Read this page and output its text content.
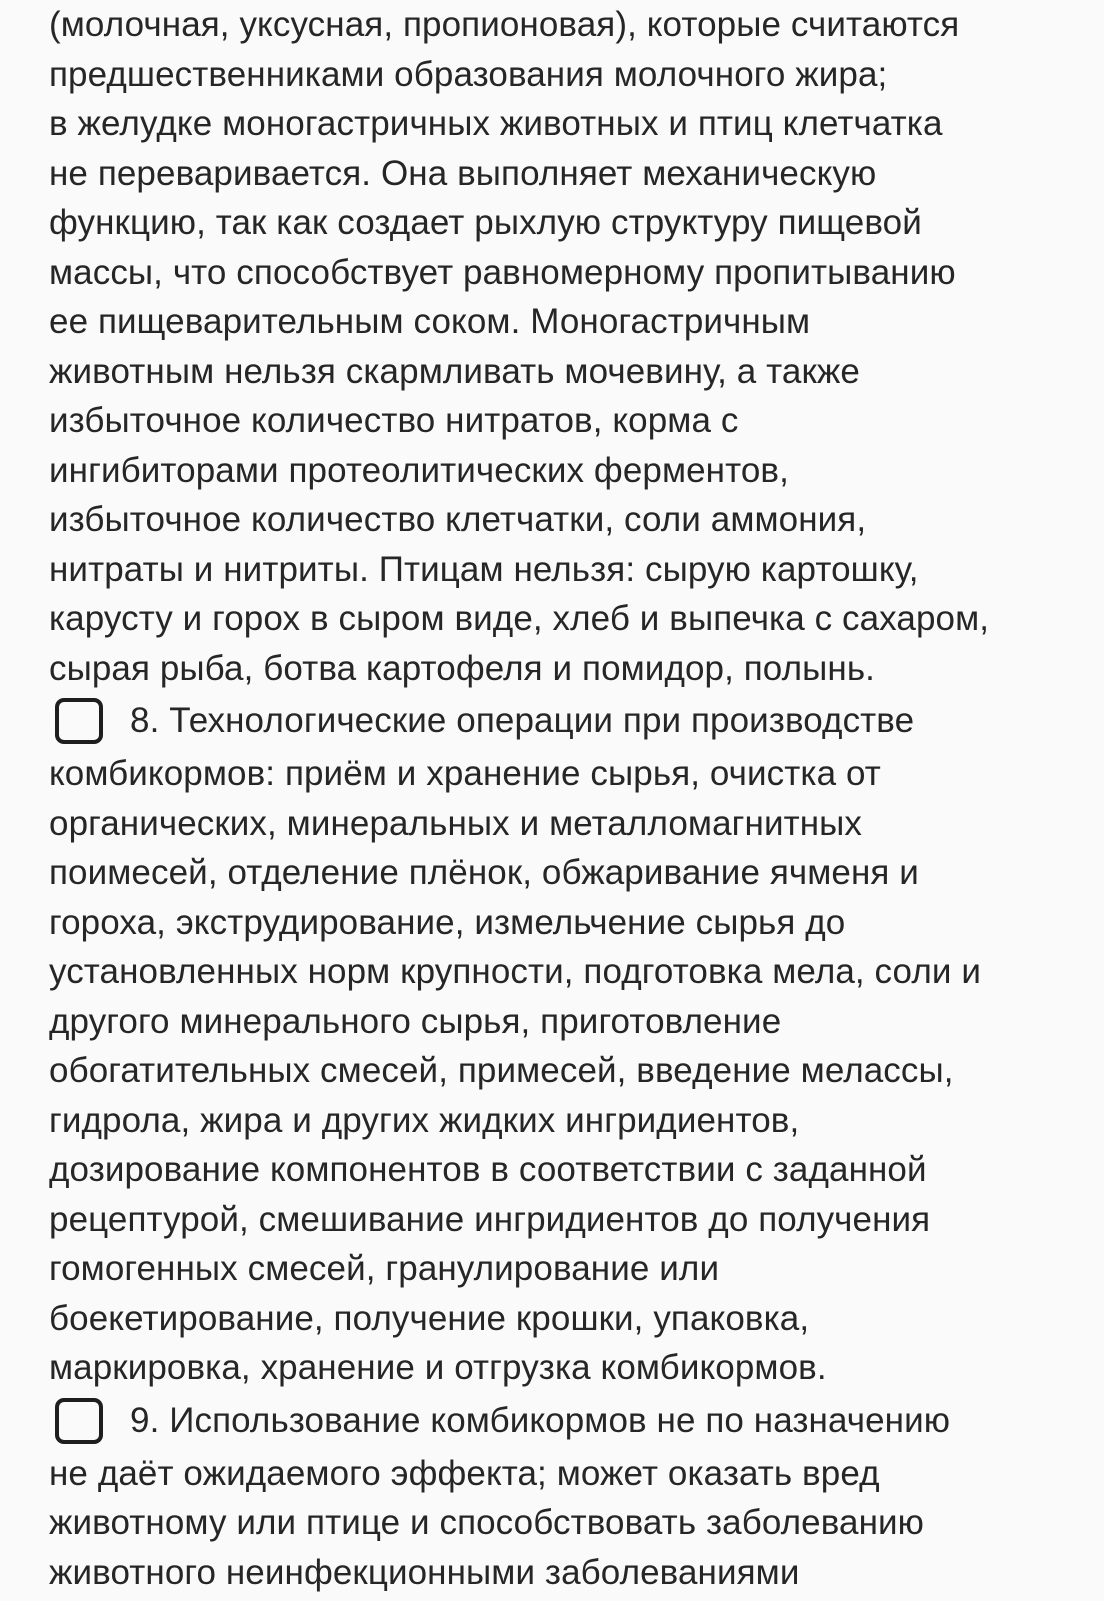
(молочная, уксусная, пропионовая), которые считаются
предшественниками образования молочного жира;
в желудке моногастричных животных и птиц клетчатка
не переваривается. Она выполняет механическую
функцию, так как создает рыхлую структуру пищевой
массы, что способствует равномерному пропитыванию
ее пищеварительным соком. Моногастричным
животным нельзя скармливать мочевину, а также
избыточное количество нитратов, корма с
ингибиторами протеолитических ферментов,
избыточное количество клетчатки, соли аммония,
нитраты и нитриты. Птицам нельзя: сырую картошку,
карусту и горох в сыром виде, хлеб и выпечка с сахаром,
сырая рыба, ботва картофеля и помидор, полынь.
8. Технологические операции при производстве
комбикормов: приём и хранение сырья, очистка от
органических, минеральных и металломагнитных
поимесей, отделение плёнок, обжаривание ячменя и
гороха, экструдирование, измельчение сырья до
установленных норм крупности, подготовка мела, соли и
другого минерального сырья, приготовление
обогатительных смесей, примесей, введение мелассы,
гидрола, жира и других жидких ингридиентов,
дозирование компонентов в соответствии с заданной
рецептурой, смешивание ингридиентов до получения
гомогенных смесей, гранулирование или
боекетирование, получение крошки, упаковка,
маркировка, хранение и отгрузка комбикормов.
9. Использование комбикормов не по назначению
не даёт ожидаемого эффекта; может оказать вред
животному или птице и способствовать заболеванию
животного неинфекционными заболеваниями
